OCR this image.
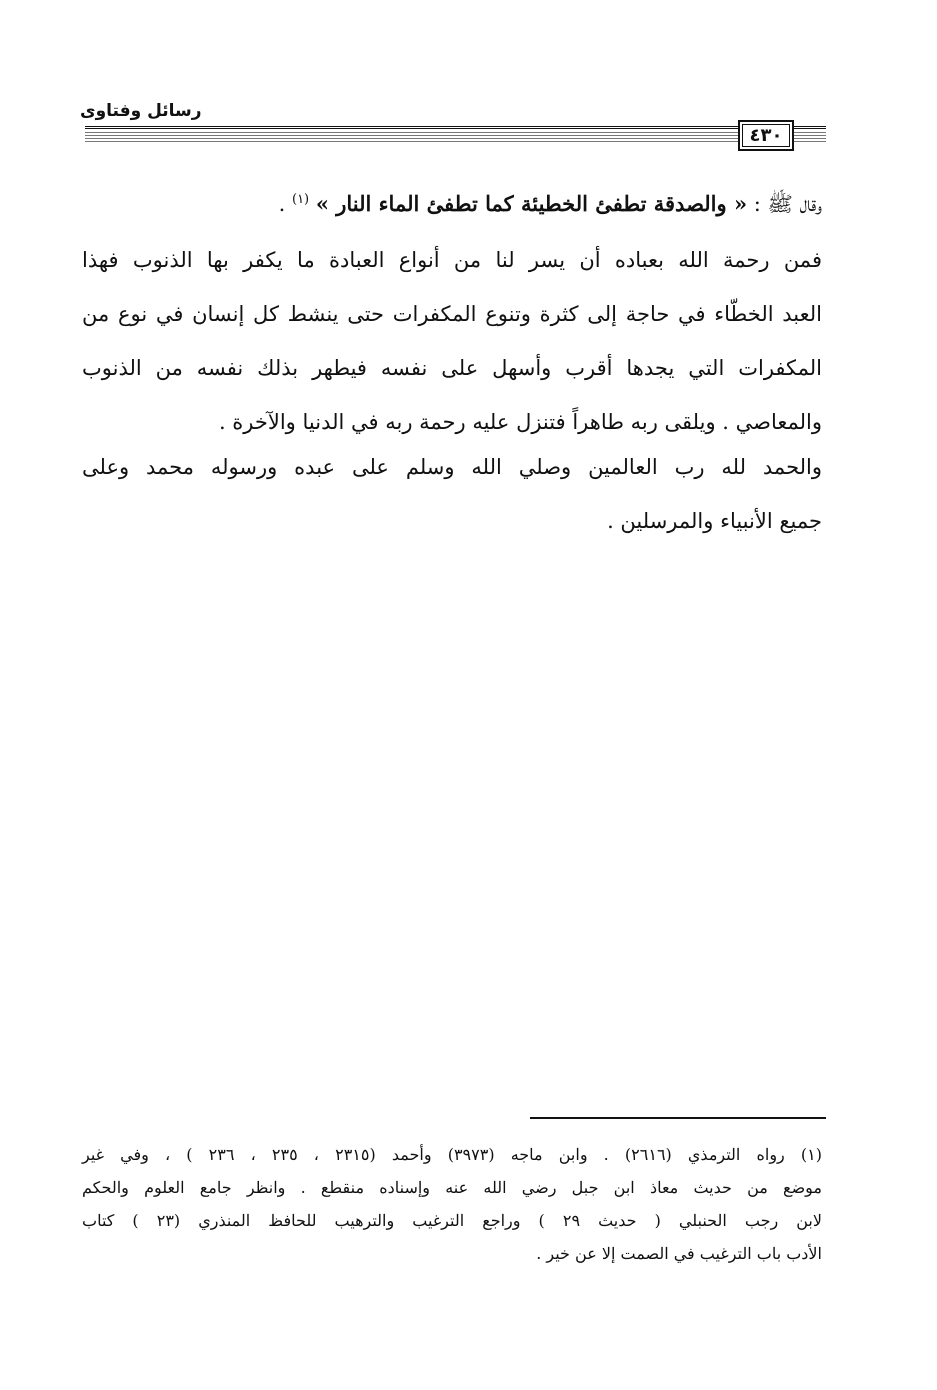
رسائل وفتاوى
٤٣٠
وقال ﷺ : « والصدقة تطفئ الخطيئة كما تطفئ الماء النار » $^{(١)}$ .
فمن رحمة الله بعباده أن يسر لنا من أنواع العبادة ما يكفر بها الذنوب فهذا
العبد الخطّاء في حاجة إلى كثرة وتنوع المكفرات حتى ينشط كل إنسان في نوع من
المكفرات التي يجدها أقرب وأسهل على نفسه فيطهر بذلك نفسه من الذنوب
والمعاصي . ويلقى ربه طاهراً فتنزل عليه رحمة ربه في الدنيا والآخرة .
والحمد لله رب العالمين وصلي الله وسلم على عبده ورسوله محمد وعلى
جميع الأنبياء والمرسلين .
(١) رواه الترمذي (٢٦١٦) . وابن ماجه (٣٩٧٣) وأحمد (٢٣١٥ ، ٢٣٥ ، ٢٣٦ ) ، وفي غير
موضع من حديث معاذ ابن جبل رضي الله عنه وإسناده منقطع . وانظر جامع العلوم والحكم
لابن رجب الحنبلي ( حديث ٢٩ ) وراجع الترغيب والترهيب للحافظ المنذري (٢٣ ) كتاب
الأدب باب الترغيب في الصمت إلا عن خير .
